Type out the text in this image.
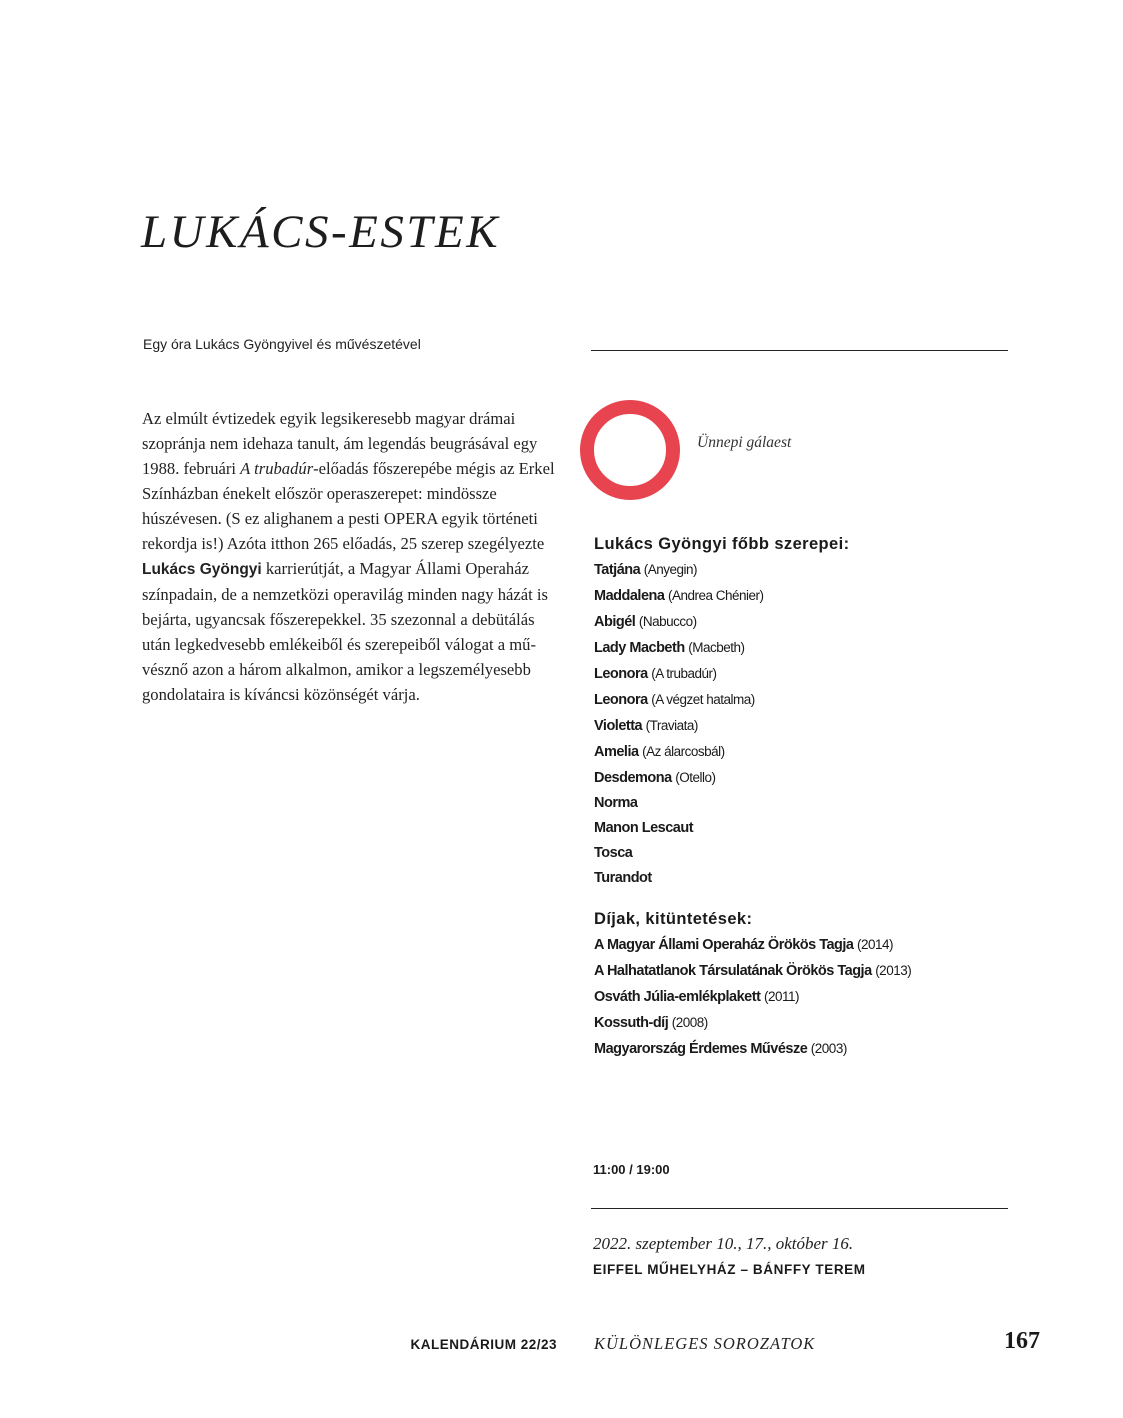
LUKÁCS-ESTEK
Egy óra Lukács Gyöngyivel és művészetével
Az elmúlt évtizedek egyik legsikeresebb magyar drámai szopránja nem idehaza tanult, ám legendás beugrásával egy 1988. februári A trubadúr-előadás főszerepébe mégis az Erkel Színházban énekelt először operaszerepet: mindössze húszévesen. (S ez alighanem a pesti OPERA egyik történeti rekordja is!) Azóta itthon 265 előadás, 25 szerep szegélyezte Lukács Gyöngyi karrierútját, a Magyar Állami Operaház színpadain, de a nemzetközi operavilág minden nagy házát is bejárta, ugyancsak főszerepekkel. 35 szezonnal a debütálás után legkedvesebb emlékeiből és szerepeiből válogat a művésznő azon a három alkalmon, amikor a legszemélyesebb gondolataira is kíváncsi közönségét várja.
Ünnepi gálaest
Lukács Gyöngyi főbb szerepei:
Tatjána (Anyegin)
Maddalena (Andrea Chénier)
Abigél (Nabucco)
Lady Macbeth (Macbeth)
Leonora (A trubadúr)
Leonora (A végzet hatalma)
Violetta (Traviata)
Amelia (Az álarcosbál)
Desdemona (Otello)
Norma
Manon Lescaut
Tosca
Turandot
Díjak, kitüntetések:
A Magyar Állami Operaház Örökös Tagja (2014)
A Halhatatlanok Társulatának Örökös Tagja (2013)
Osváth Júlia-emlékplakett (2011)
Kossuth-díj (2008)
Magyarország Érdemes Művésze (2003)
11:00 / 19:00
2022. szeptember 10., 17., október 16.
EIFFEL MŰHELYHÁZ – BÁNFFY TEREM
KALENDÁRIUM 22/23 KÜLÖNLEGES SOROZATOK	167
